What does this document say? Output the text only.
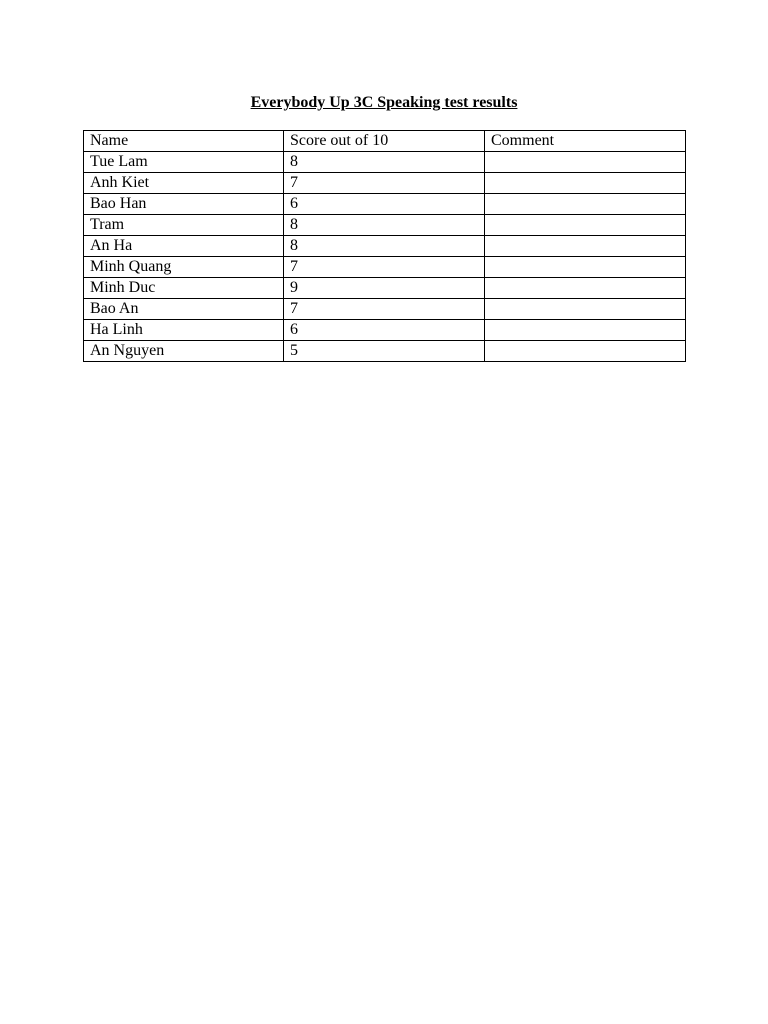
Everybody Up 3C Speaking test results
Name	Score out of 10	Comment
Tue Lam	8	
Anh Kiet	7	
Bao Han	6	
Tram	8	
An Ha	8	
Minh Quang	7	
Minh Duc	9	
Bao An	7	
Ha Linh	6	
An Nguyen	5	
